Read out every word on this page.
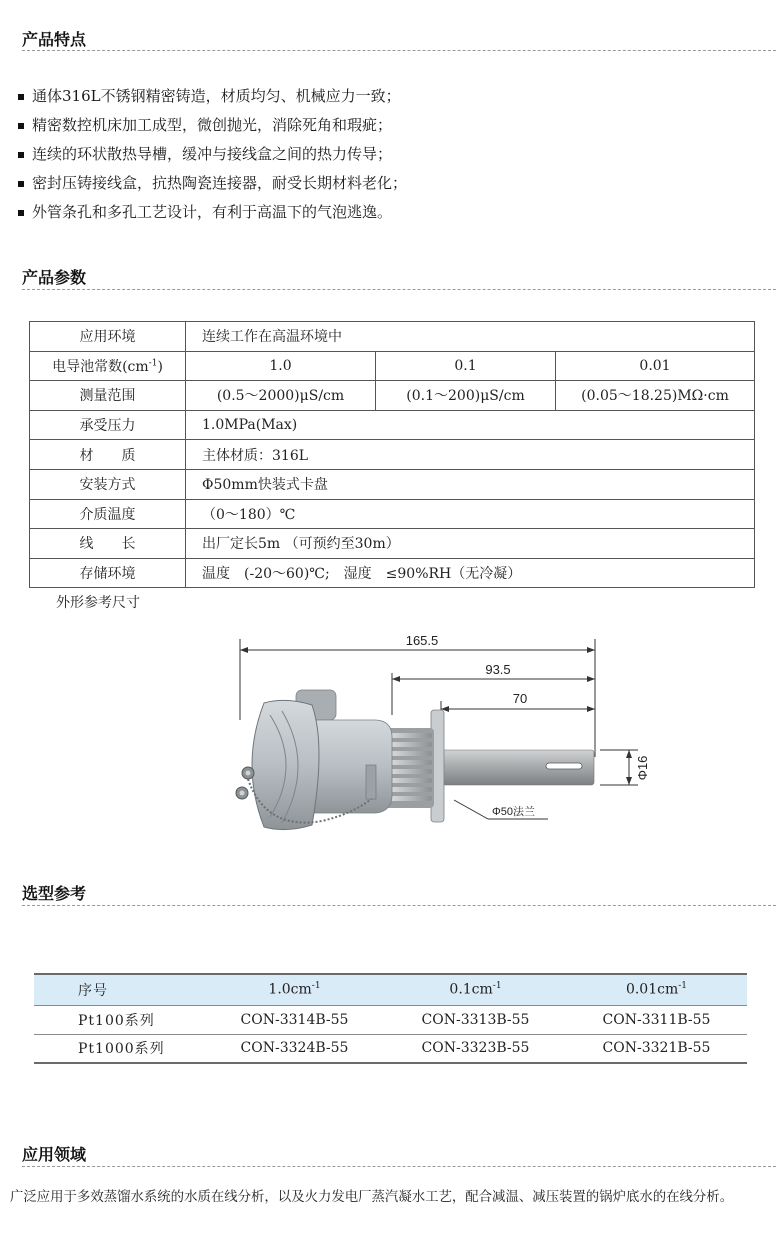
产品特点
通体316L不锈钢精密铸造，材质均匀、机械应力一致；
精密数控机床加工成型，微创抛光，消除死角和瑕疵；
连续的环状散热导槽，缓冲与接线盒之间的热力传导；
密封压铸接线盒，抗热陶瓷连接器，耐受长期材料老化；
外管条孔和多孔工艺设计，有利于高温下的气泡逃逸。
产品参数
应用环境	连续工作在高温环境中		
电导池常数$(cm^{-1})$	1.0	0.1	0.01
测量范围	(0.5～2000)μS/cm	(0.1～200)μS/cm	(0.05～18.25)MΩ·cm
承受压力	1.0MPa(Max)		
材　　质	主体材质：316L		
安装方式	Φ50mm快装式卡盘		
介质温度	（0～180）℃		
线　　长	出厂定长5m （可预约至30m）		
存储环境	温度　(-20～60)℃;　湿度　≤90%RH（无冷凝）		
外形参考尺寸
165.5
93.5
70
Φ16
Φ50法兰
选型参考
序号	$1.0cm^{-1}$	$0.1cm^{-1}$	$0.01cm^{-1}$
Pt100系列	CON-3314B-55	CON-3313B-55	CON-3311B-55
Pt1000系列	CON-3324B-55	CON-3323B-55	CON-3321B-55
应用领域
广泛应用于多效蒸馏水系统的水质在线分析，以及火力发电厂蒸汽凝水工艺，配合减温、减压装置的锅炉底水的在线分析。
